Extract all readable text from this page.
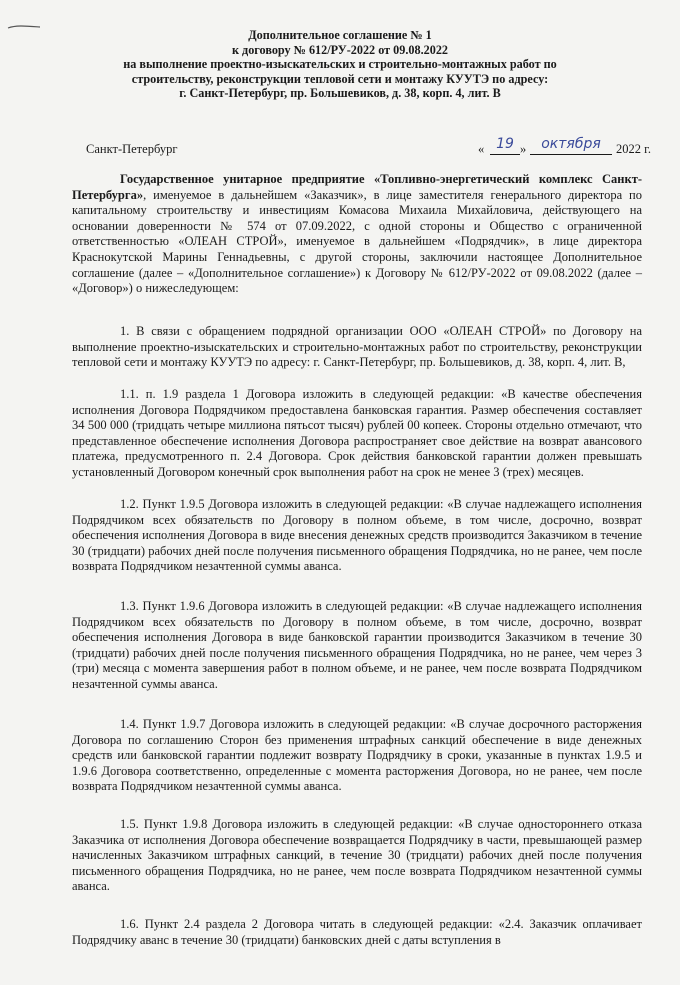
Дополнительное соглашение № 1
к договору № 612/РУ-2022 от 09.08.2022
на выполнение проектно-изыскательских и строительно-монтажных работ по
строительству, реконструкции тепловой сети и монтажу КУУТЭ по адресу:
г. Санкт-Петербург, пр. Большевиков, д. 38, корп. 4, лит. В
Санкт-Петербург	« 19 »	октября	2022 г.
Государственное унитарное предприятие «Топливно-энергетический комплекс Санкт-Петербурга», именуемое в дальнейшем «Заказчик», в лице заместителя генерального директора по капитальному строительству и инвестициям Комасова Михаила Михайловича, действующего на основании доверенности № 574 от 07.09.2022, с одной стороны и Общество с ограниченной ответственностью «ОЛЕАН СТРОЙ», именуемое в дальнейшем «Подрядчик», в лице директора Краснокутской Марины Геннадьевны, с другой стороны, заключили настоящее Дополнительное соглашение (далее – «Дополнительное соглашение») к Договору № 612/РУ-2022 от 09.08.2022 (далее – «Договор») о нижеследующем:
1. В связи с обращением подрядной организации ООО «ОЛЕАН СТРОЙ» по Договору на выполнение проектно-изыскательских и строительно-монтажных работ по строительству, реконструкции тепловой сети и монтажу КУУТЭ по адресу: г. Санкт-Петербург, пр. Большевиков, д. 38, корп. 4, лит. В,
1.1. п. 1.9 раздела 1 Договора изложить в следующей редакции: «В качестве обеспечения исполнения Договора Подрядчиком предоставлена банковская гарантия. Размер обеспечения составляет 34 500 000 (тридцать четыре миллиона пятьсот тысяч) рублей 00 копеек. Стороны отдельно отмечают, что представленное обеспечение исполнения Договора распространяет свое действие на возврат авансового платежа, предусмотренного п. 2.4 Договора. Срок действия банковской гарантии должен превышать установленный Договором конечный срок выполнения работ на срок не менее 3 (трех) месяцев.
1.2. Пункт 1.9.5 Договора изложить в следующей редакции: «В случае надлежащего исполнения Подрядчиком всех обязательств по Договору в полном объеме, в том числе, досрочно, возврат обеспечения исполнения Договора в виде внесения денежных средств производится Заказчиком в течение 30 (тридцати) рабочих дней после получения письменного обращения Подрядчика, но не ранее, чем после возврата Подрядчиком незачтенной суммы аванса.
1.3. Пункт 1.9.6 Договора изложить в следующей редакции: «В случае надлежащего исполнения Подрядчиком всех обязательств по Договору в полном объеме, в том числе, досрочно, возврат обеспечения исполнения Договора в виде банковской гарантии производится Заказчиком в течение 30 (тридцати) рабочих дней после получения письменного обращения Подрядчика, но не ранее, чем через 3 (три) месяца с момента завершения работ в полном объеме, и не ранее, чем после возврата Подрядчиком незачтенной суммы аванса.
1.4. Пункт 1.9.7 Договора изложить в следующей редакции: «В случае досрочного расторжения Договора по соглашению Сторон без применения штрафных санкций обеспечение в виде денежных средств или банковской гарантии подлежит возврату Подрядчику в сроки, указанные в пунктах 1.9.5 и 1.9.6 Договора соответственно, определенные с момента расторжения Договора, но не ранее, чем после возврата Подрядчиком незачтенной суммы аванса.
1.5. Пункт 1.9.8 Договора изложить в следующей редакции: «В случае одностороннего отказа Заказчика от исполнения Договора обеспечение возвращается Подрядчику в части, превышающей размер начисленных Заказчиком штрафных санкций, в течение 30 (тридцати) рабочих дней после получения письменного обращения Подрядчика, но не ранее, чем после возврата Подрядчиком незачтенной суммы аванса.
1.6. Пункт 2.4 раздела 2 Договора читать в следующей редакции: «2.4. Заказчик оплачивает Подрядчику аванс в течение 30 (тридцати) банковских дней с даты вступления в
